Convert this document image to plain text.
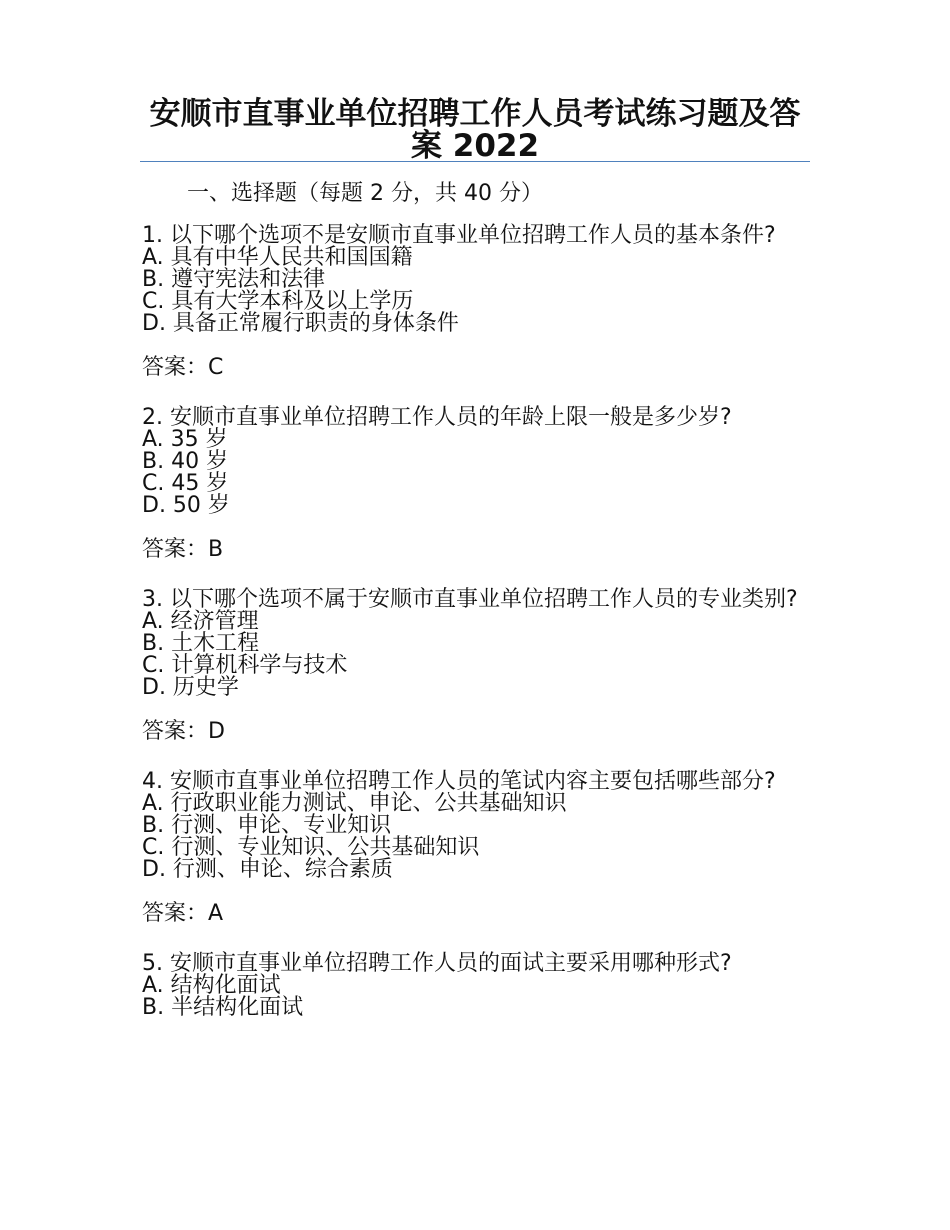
安顺市直事业单位招聘工作人员考试练习题及答案 2022

一、选择题（每题 2 分，共 40 分）

1. 以下哪个选项不是安顺市直事业单位招聘工作人员的基本条件?

A. 具有中华人民共和国国籍

B. 遵守宪法和法律

C. 具有大学本科及以上学历

D. 具备正常履行职责的身体条件

答案：C

2. 安顺市直事业单位招聘工作人员的年龄上限一般是多少岁?

A. 35 岁

B. 40 岁

C. 45 岁

D. 50 岁

答案：B

3. 以下哪个选项不属于安顺市直事业单位招聘工作人员的专业类别?

A. 经济管理

B. 土木工程

C. 计算机科学与技术

D. 历史学

答案：D

4. 安顺市直事业单位招聘工作人员的笔试内容主要包括哪些部分?

A. 行政职业能力测试、申论、公共基础知识

B. 行测、申论、专业知识

C. 行测、专业知识、公共基础知识

D. 行测、申论、综合素质

答案：A

5. 安顺市直事业单位招聘工作人员的面试主要采用哪种形式?

A. 结构化面试

B. 半结构化面试
